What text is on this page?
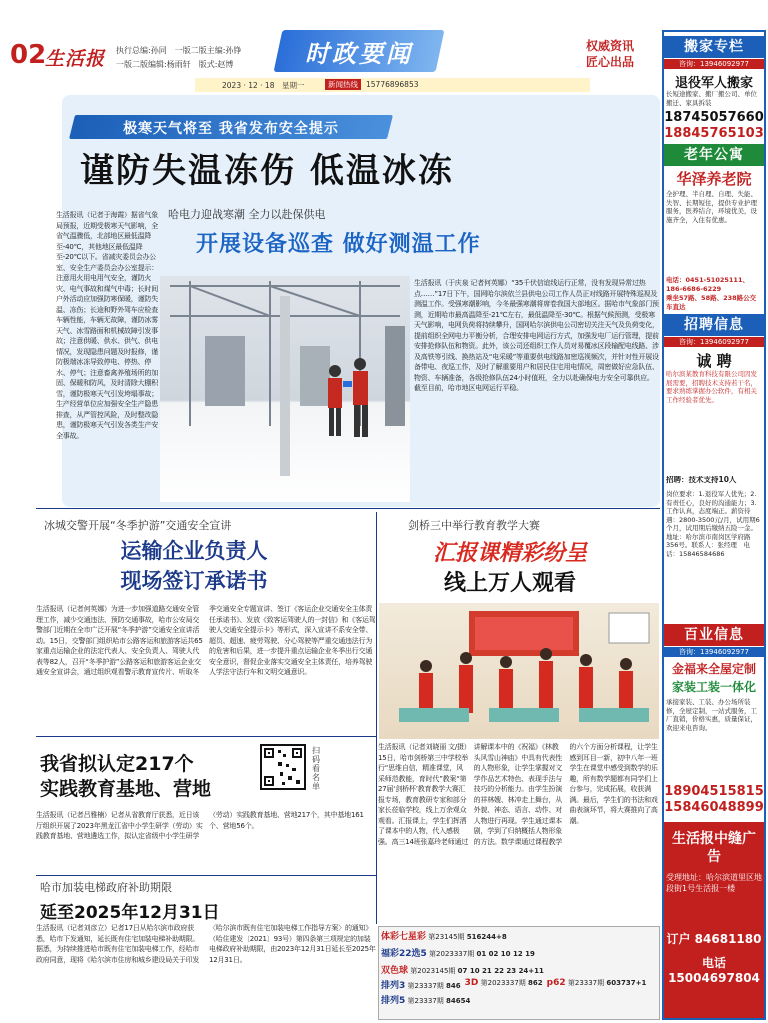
02
生活报 执行总编:孙同　一版二版主编:孙铮
一版二版编辑:杨雨轩　版式:赵博	时政要闻	权威资讯
匠心出品
2023 · 12 · 18　星期一	新闻热线	15776896853
极寒天气将至 我省发布安全提示
谨防失温冻伤 低温冰冻
生活报讯（记者于海霞）据省气象局预报，近期受极寒天气影响，全省气温骤低，北部地区最低温降至-40℃，其他地区最低温降至-20℃以下。省减灾委员会办公室、安全生产委员会办公室提示：注意用火用电用气安全，谨防火灾、电气事故和煤气中毒；长时间户外活动应加强防寒保暖，谨防失温、冻伤；长途和野外驾车应检查车辆性能，车辆无故障，谨防冰雾天气、冰雪路面和机械故障引发事故；注意供暖、供水、供气、供电情况，发现隐患问题及时报修，谨防极端冰冻导致停电、停热、停水、停气；注意畜禽养殖场所的加固、保暖和防风，及时清除大棚积雪，谨防极寒天气引发垮塌事故；生产经营单位应加强安全生产隐患排查，从严管控风险，及时整改隐患，谨防极寒天气引发各类生产安全事故。
哈电力迎战寒潮 全力以赴保供电
开展设备巡查 做好测温工作
生活报讯（于庆泉 记者何英娜）“35千伏信谊线运行正常，没有发现异常过热点……”17日下午，国网哈尔滨依兰县供电公司工作人员正对线路开展特殊巡视及测温工作。受强寒潮影响，今冬最强寒潮将席卷我国大部地区。据哈市气象部门预测，近期哈市最高温降至-21℃左右，最低温降至-30℃。根据气候预测，受极寒天气影响，电网负荷将持续攀升，国网哈尔滨供电公司密切关注天气及负荷变化，提前组织全网电力平衡分析，合理安排电网运行方式，加强发电厂运行管理，提前安排抢修队伍和物资。此外，该公司还组织工作人员对易覆冰区段输配电线路、涉及高铁等引线、换热站及“电采暖”等重要供电线路加密巡视频次，并针对性开展设备带电、夜巡工作，及时了解重要用户和居民住宅用电情况，周密做好应急队伍、物资、车辆准备，各级抢修队伍24小时值班，全力以赴确保电力安全可靠供应。截至目前，哈市地区电网运行平稳。
冰城交警开展“冬季护游”交通安全宣讲
运输企业负责人
现场签订承诺书
生活报讯（记者何英娜）为进一步加强道路交通安全管理工作，减少交通违法、预防交通事故，哈市公安局交警部门近期在全市广泛开展“冬季护游”交通安全宣讲活动。15日，交警部门组织哈市公路客运和旅游客运共65家重点运输企业的法定代表人、安全负责人、驾驶人代表等82人，召开“冬季护游”公路客运和旅游客运企业交通安全宣讲会，通过组织观看警示教育宣传片、听取冬季交通安全专题宣讲、签订《客运企业交通安全主体责任承诺书》、发放《致客运驾驶人的一封信》和《客运驾驶人交通安全提示卡》等形式，深入宣讲不系安全带、超员、超速、疲劳驾驶、分心驾驶等严重交通违法行为的危害和后果，进一步提升重点运输企业冬季出行交通安全意识，督促企业落实交通安全主体责任，培养驾驶人学法守法行车和文明交通意识。
剑桥三中举行教育教学大赛
汇报课精彩纷呈
线上万人观看
生活报讯（记者刘晓丽 文/摄）15日，哈市剑桥第三中学校举行“思维自信，精准课堂，风采师范教能，育时代”教案“第27届‘剑桥杯’教育教学大赛汇报专场，教育教研专家和部分家长莅临学校，线上万余观众观看。汇报课上，学生们挥洒了课本中的人物，代入感极强。高三14班张嘉玲老师通过讲解课本中的《祝福》《林教头风雪山神庙》中具有代表性的人物形象，让学生掌握对文学作品艺术特色、表现手法与技巧的分析能力。由学生扮演的祥林嫂、林冲走上舞台，从外貌、神态、语言、动作、对人物进行再现。学生通过课本剧，学到了归纳概括人物形象的方法。数学课通过课程教学的六个方面分析课程，让学生感到耳目一新，初中八年一班学生在课堂中感受到数学的乐趣，所有数学题都有同学们上台参与，完成拓展，收获满满。最后，学生们的书法和戏曲表演环节，将大赛推向了高潮。
我省拟认定217个
实践教育基地、营地
扫码看名单
生活报讯（记者吕雅楠）记者从省教育厅获悉，近日该厅组织开展了2023年黑龙江省中小学生研学（劳动）实践教育基地、营地遴选工作，拟认定省级中小学生研学（劳动）实践教育基地、营地217个，其中基地161个、营地56个。
哈市加装电梯政府补助期限
延至2025年12月31日
生活报讯（记者刘彦立）记者17日从哈尔滨市政府获悉，哈市下发通知，延长既有住宅加装电梯补助期限。据悉，为持续推进哈市既有住宅加装电梯工作，经哈市政府同意，现将《哈尔滨市住房和城乡建设局关于印发〈哈尔滨市既有住宅加装电梯工作指导方案〉的通知》（哈住建发〔2021〕93号）第四条第三项规定的加装电梯政府补助期限，由2023年12月31日延长至2025年12月31日。
体彩七星彩 第23145期 516244+8
福彩22选5 第2023337期 01 02 10 12 19
双色球 第2023145期 07 10 21 22 23 24+11
排列3 第23337期 846 3D 第2023337期 862 p62 第23337期 603737+1
排列5 第23337期 84654
搬家专栏
咨询：13946092977
退役军人搬家
长短途搬家、搬厂搬公司、单位搬迁、家具拆装
18745057660
18845765103
老年公寓
华泽养老院
全护理、半自理、自理、失能、失智、长期短住，提供专业护理服务，医养结合，环境优美，设施齐全，入住有优惠。
电话：0451-51025111、186-6686-6229
乘坐57路、58路、238路公交车直达
招聘信息
咨询：13946092977
诚 聘
哈尔滨某教育科技有限公司因发展需要，招聘技术支持若干名，要求熟练掌握办公软件，有相关工作经验者优先。
招聘：技术支持10人
岗位要求：1.退役军人优先；2.有责任心，良好的沟通能力；3.工作认真，态度端正。薪资待遇：2800-3500元/月，试用期6个月，试用期后缴纳五险一金。地址：哈尔滨市南岗区学府路356号。联系人：张经理　电话：15846584686
百业信息
咨询：13946092977
金福来全屋定制
家装工装一体化
承接家装、工装、办公场所装修，全屋定制，一站式服务，工厂直销，价格实惠，质量保证，欢迎来电咨询。
18904515815
15846048899
生活报中缝广告
受理地址：哈尔滨道里区地段街1号生活报一楼
订户 84681180
电话 15004697804
